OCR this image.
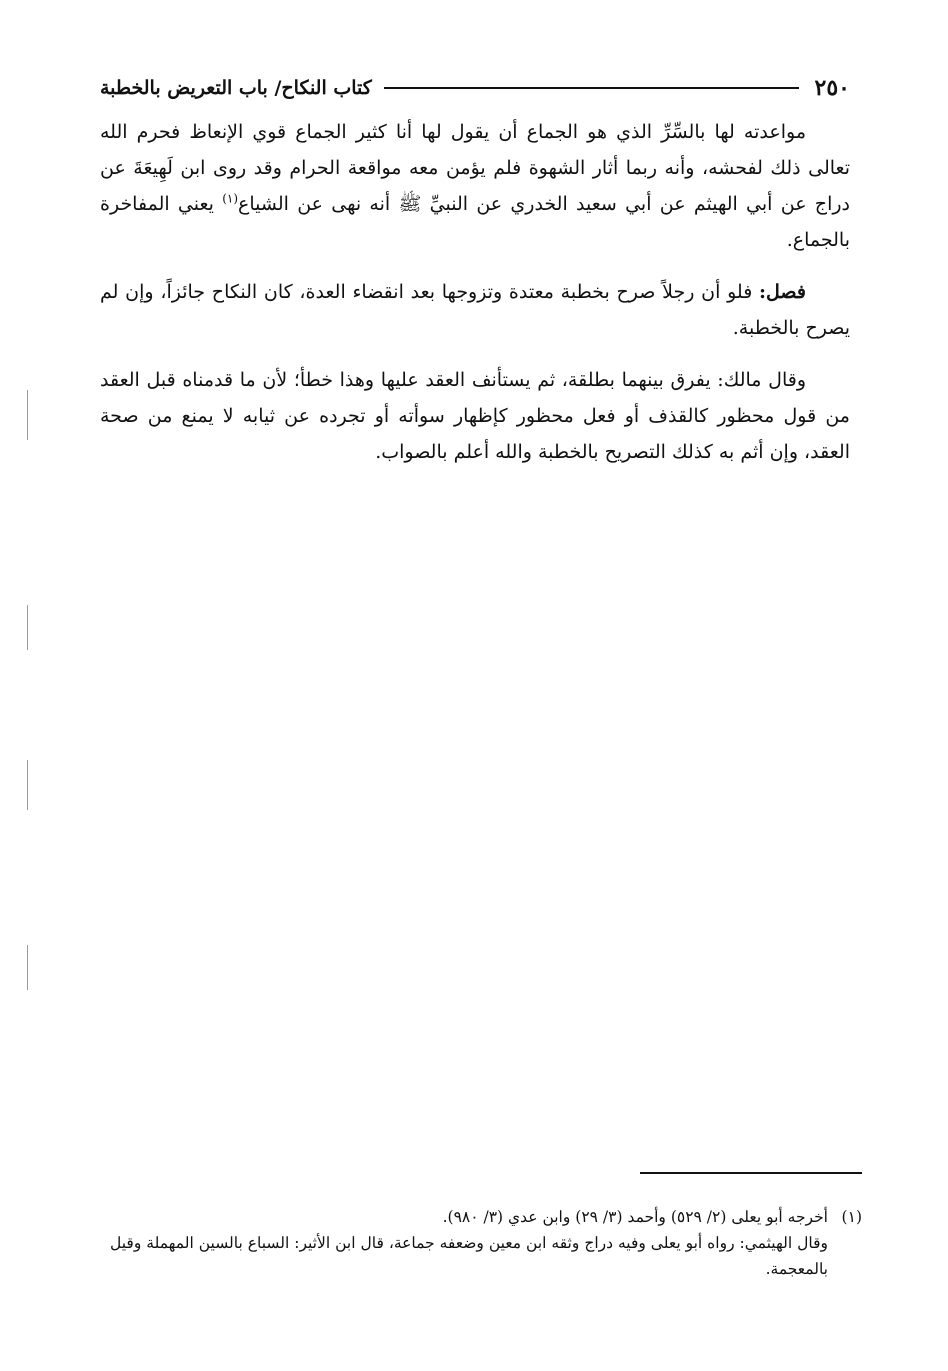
٢٥٠
كتاب النكاح/ باب التعريض بالخطبة

مواعدته لها بالسِّرِّ الذي هو الجماع أن يقول لها أنا كثير الجماع قوي الإنعاظ فحرم الله تعالى ذلك لفحشه، وأنه ربما أثار الشهوة فلم يؤمن معه مواقعة الحرام وقد روى ابن لَهِيعَةَ عن دراج عن أبي الهيثم عن أبي سعيد الخدري عن النبيِّ ﷺ أنه نهى عن الشياع$^{(١)}$ يعني المفاخرة بالجماع.

فصل: فلو أن رجلاً صرح بخطبة معتدة وتزوجها بعد انقضاء العدة، كان النكاح جائزاً، وإن لم يصرح بالخطبة.

وقال مالك: يفرق بينهما بطلقة، ثم يستأنف العقد عليها وهذا خطأ؛ لأن ما قدمناه قبل العقد من قول محظور كالقذف أو فعل محظور كإظهار سوأته أو تجرده عن ثيابه لا يمنع من صحة العقد، وإن أثم به كذلك التصريح بالخطبة والله أعلم بالصواب.

(١)
أخرجه أبو يعلى (٢/ ٥٢٩) وأحمد (٣/ ٢٩) وابن عدي (٣/ ٩٨٠).
وقال الهيثمي: رواه أبو يعلى وفيه دراج وثقه ابن معين وضعفه جماعة، قال ابن الأثير: السباع بالسين المهملة وقيل بالمعجمة.
